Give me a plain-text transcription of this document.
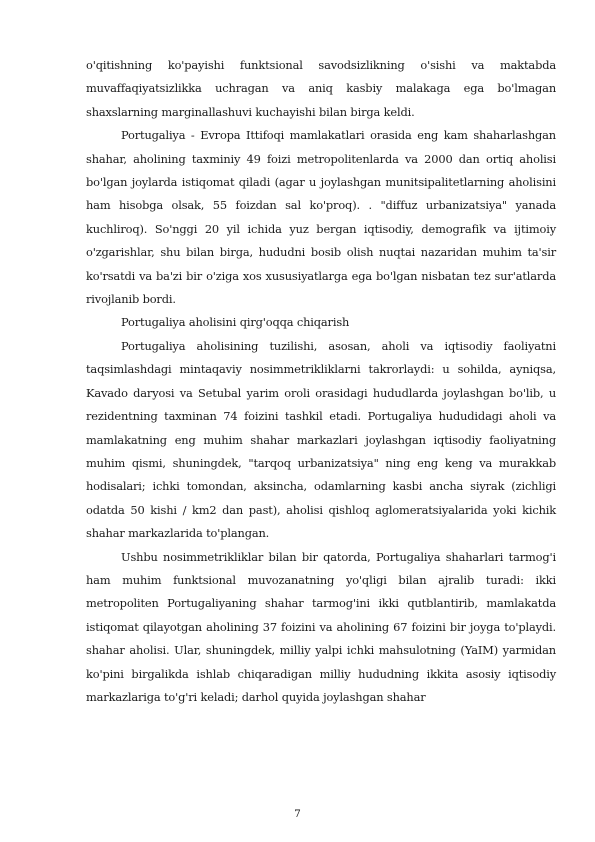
o'qitishning ko'payishi funktsional savodsizlikning o'sishi va maktabda muvaffaqiyatsizlikka uchragan va aniq kasbiy malakaga ega bo'lmagan shaxslarning marginallashuvi kuchayishi bilan birga keldi.

Portugaliya - Evropa Ittifoqi mamlakatlari orasida eng kam shaharlashgan shahar, aholining taxminiy 49 foizi metropolitenlarda va 2000 dan ortiq aholisi bo'lgan joylarda istiqomat qiladi (agar u joylashgan munitsipalitetlarning aholisini ham hisobga olsak, 55 foizdan sal ko'proq). . "diffuz urbanizatsiya" yanada kuchliroq). So'nggi 20 yil ichida yuz bergan iqtisodiy, demografik va ijtimoiy o'zgarishlar, shu bilan birga, hududni bosib olish nuqtai nazaridan muhim ta'sir ko'rsatdi va ba'zi bir o'ziga xos xususiyatlarga ega bo'lgan nisbatan tez sur'atlarda rivojlanib bordi.

Portugaliya aholisini qirg'oqqa chiqarish

Portugaliya aholisining tuzilishi, asosan, aholi va iqtisodiy faoliyatni taqsimlashdagi mintaqaviy nosimmetrikliklarni takrorlaydi: u sohilda, ayniqsa, Kavado daryosi va Setubal yarim oroli orasidagi hududlarda joylashgan bo'lib, u rezidentning taxminan 74 foizini tashkil etadi. Portugaliya hududidagi aholi va mamlakatning eng muhim shahar markazlari joylashgan iqtisodiy faoliyatning muhim qismi, shuningdek, "tarqoq urbanizatsiya" ning eng keng va murakkab hodisalari; ichki tomondan, aksincha, odamlarning kasbi ancha siyrak (zichligi odatda 50 kishi / km2 dan past), aholisi qishloq aglomeratsiyalarida yoki kichik shahar markazlarida to'plangan.

Ushbu nosimmetrikliklar bilan bir qatorda, Portugaliya shaharlari tarmog'i ham muhim funktsional muvozanatning yo'qligi bilan ajralib turadi: ikki metropoliten Portugaliyaning shahar tarmog'ini ikki qutblantirib, mamlakatda istiqomat qilayotgan aholining 37 foizini va aholining 67 foizini bir joyga to'playdi. shahar aholisi. Ular, shuningdek, milliy yalpi ichki mahsulotning (YaIM) yarmidan ko'pini birgalikda ishlab chiqaradigan milliy hududning ikkita asosiy iqtisodiy markazlariga to'g'ri keladi; darhol quyida joylashgan shahar

7
